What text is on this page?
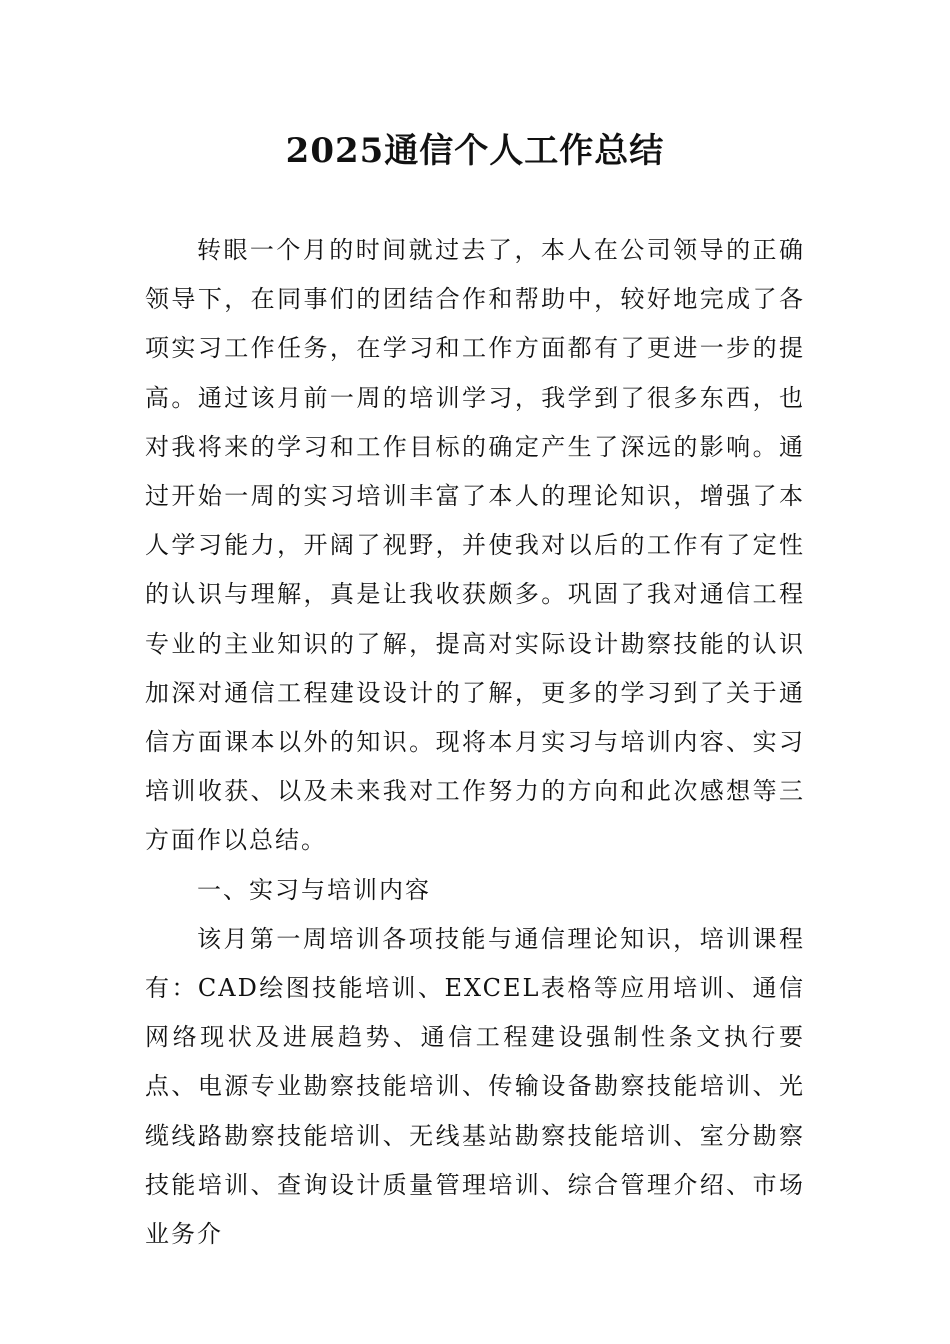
2025通信个人工作总结

转眼一个月的时间就过去了，本人在公司领导的正确领导下，在同事们的团结合作和帮助中，较好地完成了各项实习工作任务，在学习和工作方面都有了更进一步的提高。通过该月前一周的培训学习，我学到了很多东西，也对我将来的学习和工作目标的确定产生了深远的影响。通过开始一周的实习培训丰富了本人的理论知识，增强了本人学习能力，开阔了视野，并使我对以后的工作有了定性的认识与理解，真是让我收获颇多。巩固了我对通信工程专业的主业知识的了解，提高对实际设计勘察技能的认识加深对通信工程建设设计的了解，更多的学习到了关于通信方面课本以外的知识。现将本月实习与培训内容、实习培训收获、以及未来我对工作努力的方向和此次感想等三方面作以总结。

一、实习与培训内容

该月第一周培训各项技能与通信理论知识，培训课程有：CAD绘图技能培训、EXCEL表格等应用培训、通信网络现状及进展趋势、通信工程建设强制性条文执行要点、电源专业勘察技能培训、传输设备勘察技能培训、光缆线路勘察技能培训、无线基站勘察技能培训、室分勘察技能培训、查询设计质量管理培训、综合管理介绍、市场业务介
